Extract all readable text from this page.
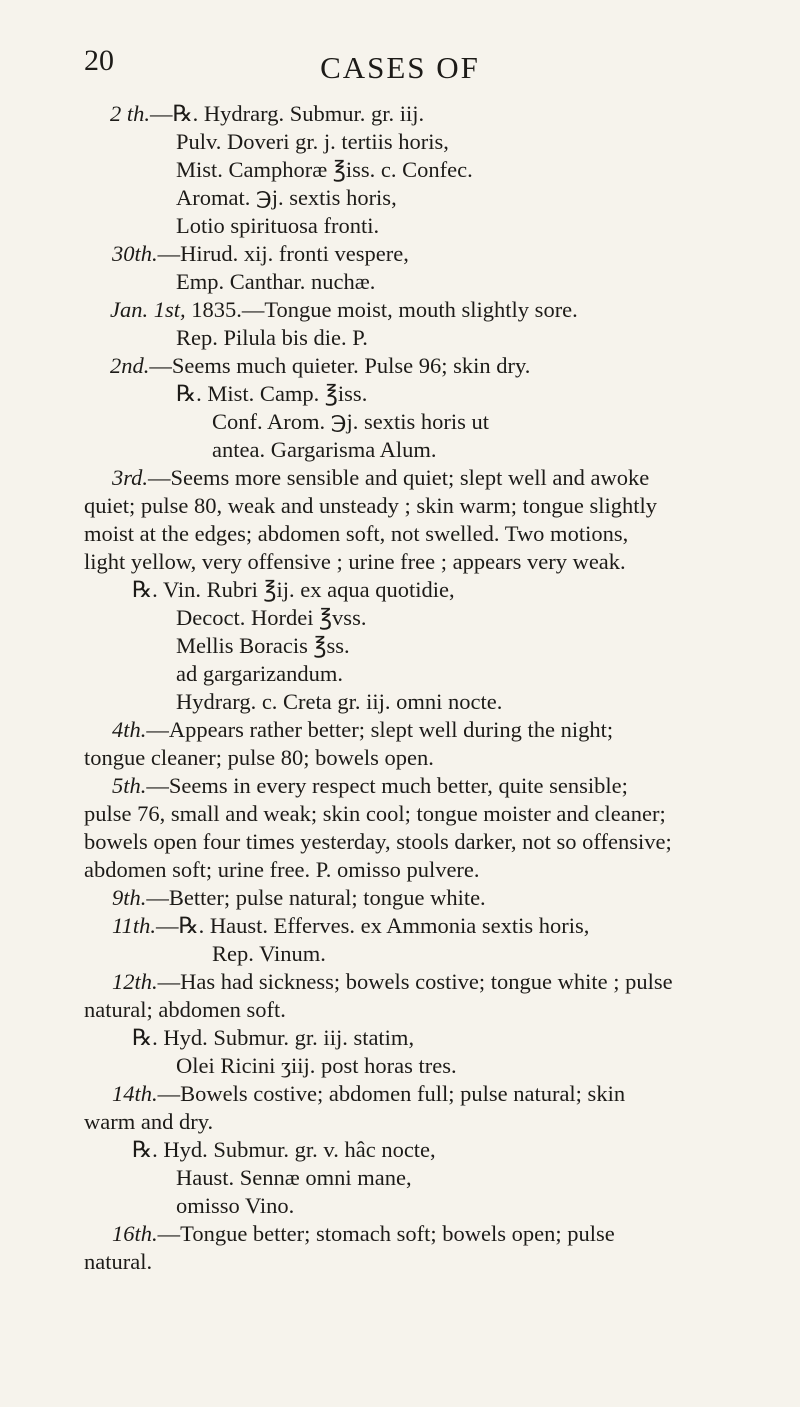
20	CASES OF
2 th.—℞. Hydrarg. Submur. gr. iij.
Pulv. Doveri gr. j. tertiis horis,
Mist. Camphoræ ℥iss. c. Confec.
Aromat. ℈j. sextis horis,
Lotio spirituosa fronti.
30th.—Hirud. xij. fronti vespere,
Emp. Canthar. nuchæ.
Jan. 1st, 1835.—Tongue moist, mouth slightly sore.
Rep. Pilula bis die. P.
2nd.—Seems much quieter. Pulse 96; skin dry.
℞. Mist. Camp. ℥iss.
Conf. Arom. ℈j. sextis horis ut
antea. Gargarisma Alum.
3rd.—Seems more sensible and quiet; slept well and awoke
quiet; pulse 80, weak and unsteady ; skin warm; tongue slightly
moist at the edges; abdomen soft, not swelled. Two motions,
light yellow, very offensive ; urine free ; appears very weak.
℞. Vin. Rubri ℥ij. ex aqua quotidie,
Decoct. Hordei ℥vss.
Mellis Boracis ℥ss.
ad gargarizandum.
Hydrarg. c. Creta gr. iij. omni nocte.
4th.—Appears rather better; slept well during the night;
tongue cleaner; pulse 80; bowels open.
5th.—Seems in every respect much better, quite sensible;
pulse 76, small and weak; skin cool; tongue moister and cleaner;
bowels open four times yesterday, stools darker, not so offensive;
abdomen soft; urine free. P. omisso pulvere.
9th.—Better; pulse natural; tongue white.
11th.—℞. Haust. Efferves. ex Ammonia sextis horis,
Rep. Vinum.
12th.—Has had sickness; bowels costive; tongue white ; pulse
natural; abdomen soft.
℞. Hyd. Submur. gr. iij. statim,
Olei Ricini ʒiij. post horas tres.
14th.—Bowels costive; abdomen full; pulse natural; skin
warm and dry.
℞. Hyd. Submur. gr. v. hâc nocte,
Haust. Sennæ omni mane,
omisso Vino.
16th.—Tongue better; stomach soft; bowels open; pulse
natural.
